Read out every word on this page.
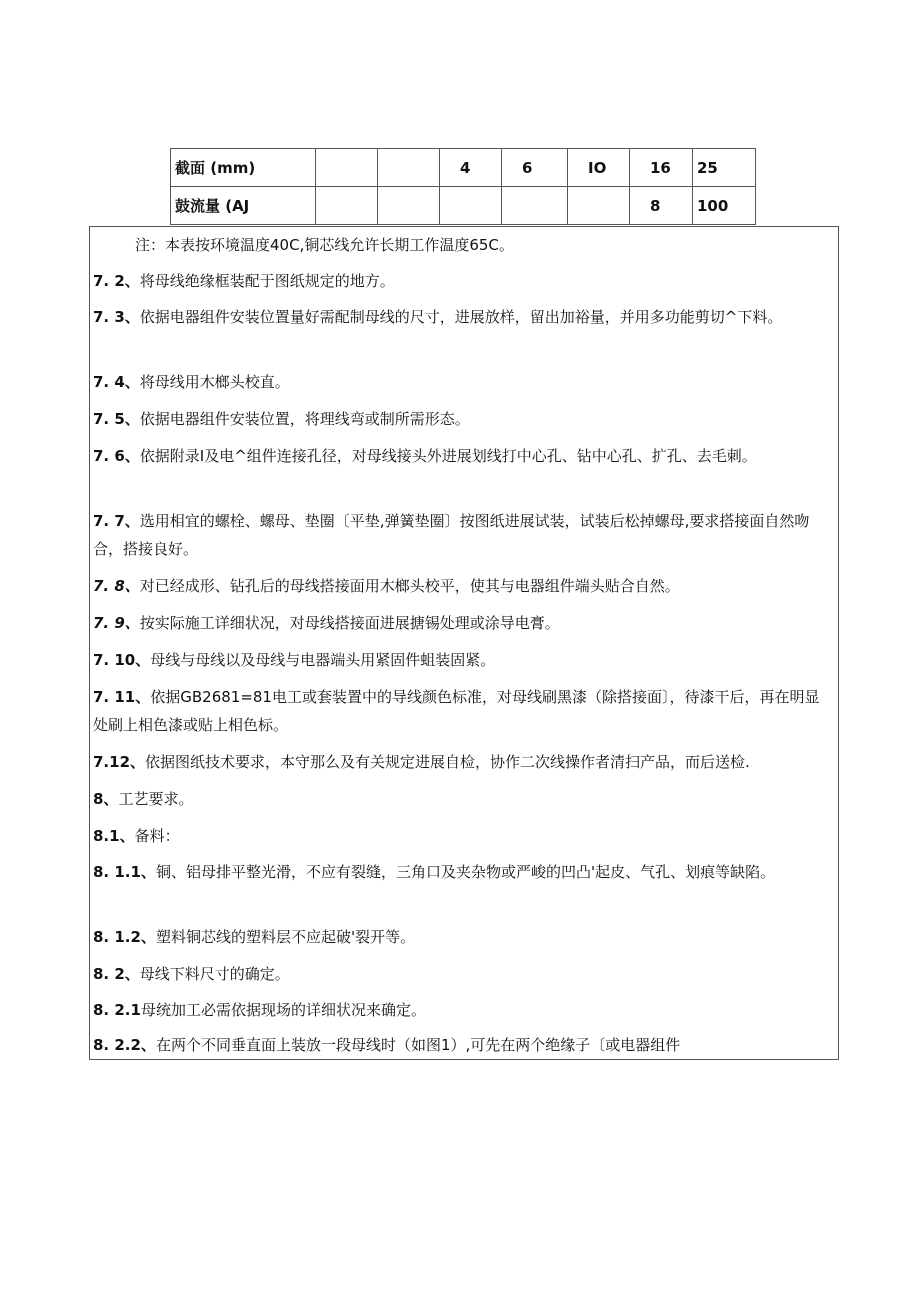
截面 (mm)			4	6	IO	16	25
鼓流量 (AJ						8	100

注：本表按环境温度40C,铜芯线允许长期工作温度65C。

7. 2、将母线绝缘框装配于图纸规定的地方。

7. 3、依据电器组件安装位置量好需配制母线的尺寸，进展放样，留出加裕量，并用多功能剪切^下料。

7. 4、将母线用木榔头校直。

7. 5、依据电器组件安装位置，将理线弯或制所需形态。

7. 6、依据附录I及电^组件连接孔径，对母线接头外进展划线打中心孔、钻中心孔、扩孔、去毛刺。

7. 7、选用相宜的螺栓、螺母、垫圈〔平垫,弹簧垫圈〕按图纸进展试装，试装后松掉螺母,要求搭接面自然吻合，搭接良好。

7. 8、对已经成形、钻孔后的母线搭接面用木榔头校平，使其与电器组件端头贴合自然。

7. 9、按实际施工详细状况，对母线搭接面进展搪锡处理或涂导电膏。

7. 10、母线与母线以及母线与电器端头用紧固件蛆装固紧。

7. 11、依据GB2681=81电工或套装置中的导线颜色标准，对母线刷黑漆（除搭接面〕，待漆干后，再在明显处刷上相色漆或贴上相色标。

7.12、依据图纸技术要求，本守那么及有关规定进展自检，协作二次线操作者清扫产品，而后送检.

8、工艺要求。

8.1、备料：

8. 1.1、铜、铝母排平整光滑，不应有裂缝，三角口及夹杂物或严峻的凹凸'起皮、气孔、划痕等缺陷。

8. 1.2、塑料铜芯线的塑料层不应起破'裂开等。

8. 2、母线下料尺寸的确定。

8. 2.1母统加工必需依据现场的详细状况来确定。

8. 2.2、在两个不同垂直面上装放一段母线时（如图1）,可先在两个绝缘子〔或电器组件
